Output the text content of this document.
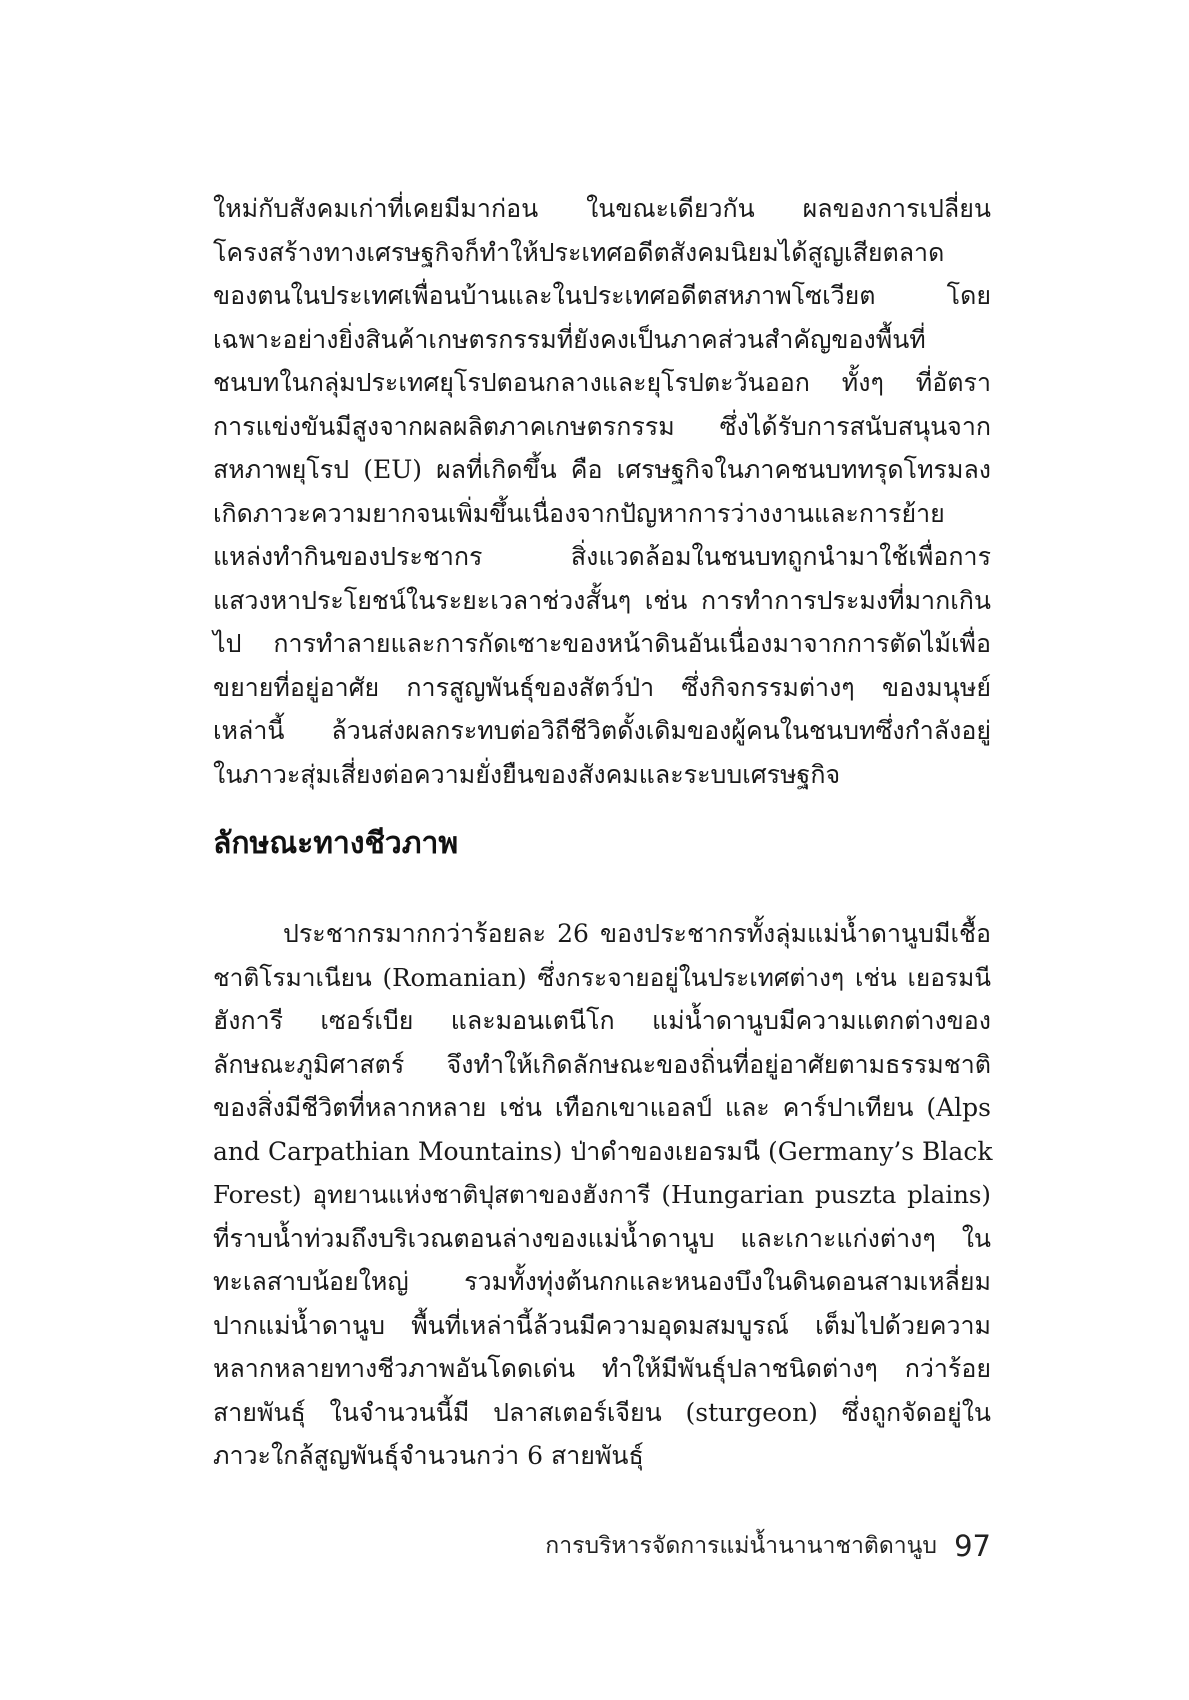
ใหม่กับสังคมเก่าที่เคยมีมาก่อน ในขณะเดียวกัน ผลของการเปลี่ยน
โครงสร้างทางเศรษฐกิจก็ทำให้ประเทศอดีตสังคมนิยมได้สูญเสียตลาด
ของตนในประเทศเพื่อนบ้านและในประเทศอดีตสหภาพโซเวียต โดย
เฉพาะอย่างยิ่งสินค้าเกษตรกรรมที่ยังคงเป็นภาคส่วนสำคัญของพื้นที่
ชนบทในกลุ่มประเทศยุโรปตอนกลางและยุโรปตะวันออก ทั้งๆ ที่อัตรา
การแข่งขันมีสูงจากผลผลิตภาคเกษตรกรรม ซึ่งได้รับการสนับสนุนจาก
สหภาพยุโรป (EU) ผลที่เกิดขึ้น คือ เศรษฐกิจในภาคชนบททรุดโทรมลง
เกิดภาวะความยากจนเพิ่มขึ้นเนื่องจากปัญหาการว่างงานและการย้าย
แหล่งทำกินของประชากร สิ่งแวดล้อมในชนบทถูกนำมาใช้เพื่อการ
แสวงหาประโยชน์ในระยะเวลาช่วงสั้นๆ เช่น การทำการประมงที่มากเกิน
ไป การทำลายและการกัดเซาะของหน้าดินอันเนื่องมาจากการตัดไม้เพื่อ
ขยายที่อยู่อาศัย การสูญพันธุ์ของสัตว์ป่า ซึ่งกิจกรรมต่างๆ ของมนุษย์
เหล่านี้ ล้วนส่งผลกระทบต่อวิถีชีวิตดั้งเดิมของผู้คนในชนบทซึ่งกำลังอยู่
ในภาวะสุ่มเสี่ยงต่อความยั่งยืนของสังคมและระบบเศรษฐกิจ
ลักษณะทางชีวภาพ
ประชากรมากกว่าร้อยละ 26 ของประชากรทั้งลุ่มแม่น้ำดานูบมีเชื้อ
ชาติโรมาเนียน (Romanian) ซึ่งกระจายอยู่ในประเทศต่างๆ เช่น เยอรมนี
ฮังการี เซอร์เบีย และมอนเตนีโก แม่น้ำดานูบมีความแตกต่างของ
ลักษณะภูมิศาสตร์ จึงทำให้เกิดลักษณะของถิ่นที่อยู่อาศัยตามธรรมชาติ
ของสิ่งมีชีวิตที่หลากหลาย เช่น เทือกเขาแอลป์ และ คาร์ปาเทียน (Alps
and Carpathian Mountains) ป่าดำของเยอรมนี (Germany’s Black
Forest) อุทยานแห่งชาติปุสตาของฮังการี (Hungarian puszta plains)
ที่ราบน้ำท่วมถึงบริเวณตอนล่างของแม่น้ำดานูบ และเกาะแก่งต่างๆ ใน
ทะเลสาบน้อยใหญ่ รวมทั้งทุ่งต้นกกและหนองบึงในดินดอนสามเหลี่ยม
ปากแม่น้ำดานูบ พื้นที่เหล่านี้ล้วนมีความอุดมสมบูรณ์ เต็มไปด้วยความ
หลากหลายทางชีวภาพอันโดดเด่น ทำให้มีพันธุ์ปลาชนิดต่างๆ กว่าร้อย
สายพันธุ์ ในจำนวนนี้มี ปลาสเตอร์เจียน (sturgeon) ซึ่งถูกจัดอยู่ใน
ภาวะใกล้สูญพันธุ์จำนวนกว่า 6 สายพันธุ์
การบริหารจัดการแม่น้ำนานาชาติดานูบ 97
